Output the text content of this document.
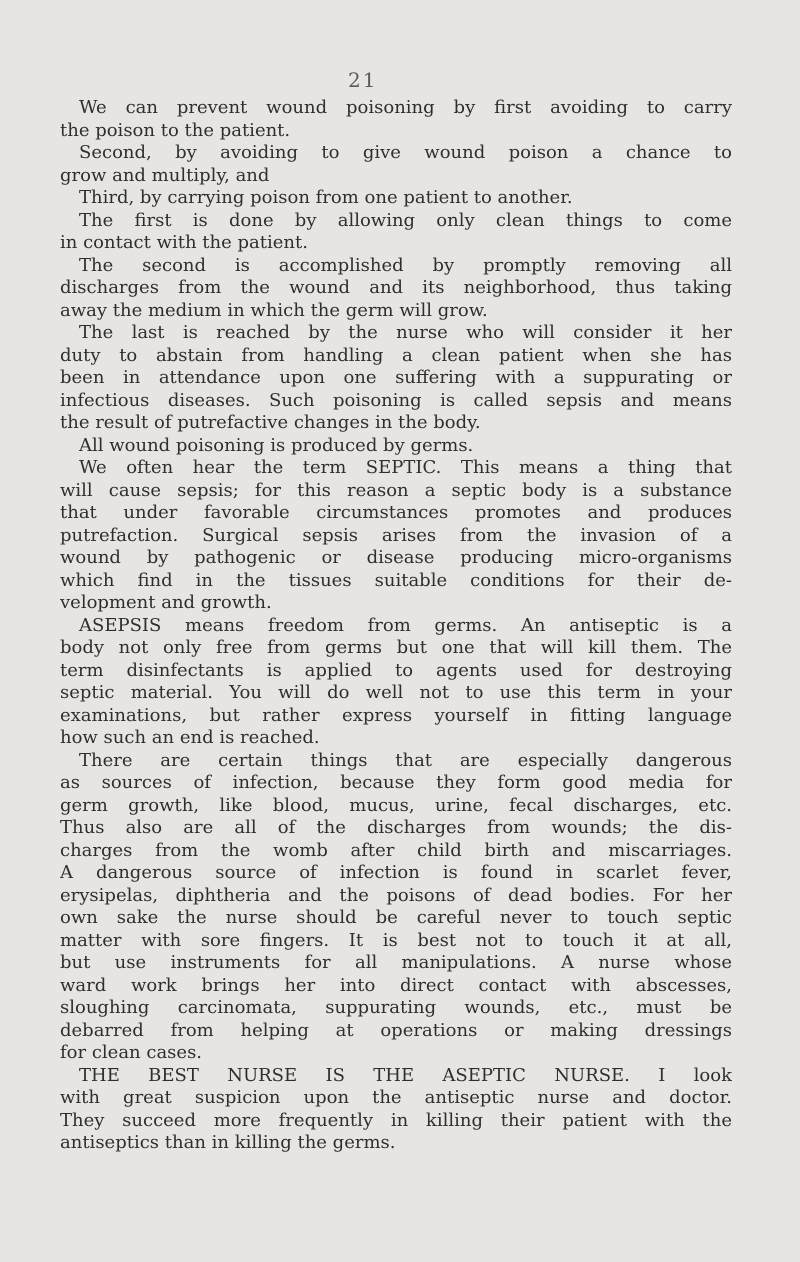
21
We can prevent wound poisoning by first avoiding to carry
the poison to the patient.
Second, by avoiding to give wound poison a chance to
grow and multiply, and
Third, by carrying poison from one patient to another.
The first is done by allowing only clean things to come
in contact with the patient.
The second is accomplished by promptly removing all
discharges from the wound and its neighborhood, thus taking
away the medium in which the germ will grow.
The last is reached by the nurse who will consider it her
duty to abstain from handling a clean patient when she has
been in attendance upon one suffering with a suppurating or
infectious diseases. Such poisoning is called sepsis and means
the result of putrefactive changes in the body.
All wound poisoning is produced by germs.
We often hear the term SEPTIC. This means a thing that
will cause sepsis; for this reason a septic body is a substance
that under favorable circumstances promotes and produces
putrefaction. Surgical sepsis arises from the invasion of a
wound by pathogenic or disease producing micro-organisms
which find in the tissues suitable conditions for their de-
velopment and growth.
ASEPSIS means freedom from germs. An antiseptic is a
body not only free from germs but one that will kill them. The
term disinfectants is applied to agents used for destroying
septic material. You will do well not to use this term in your
examinations, but rather express yourself in fitting language
how such an end is reached.
There are certain things that are especially dangerous
as sources of infection, because they form good media for
germ growth, like blood, mucus, urine, fecal discharges, etc.
Thus also are all of the discharges from wounds; the dis-
charges from the womb after child birth and miscarriages.
A dangerous source of infection is found in scarlet fever,
erysipelas, diphtheria and the poisons of dead bodies. For her
own sake the nurse should be careful never to touch septic
matter with sore fingers. It is best not to touch it at all,
but use instruments for all manipulations. A nurse whose
ward work brings her into direct contact with abscesses,
sloughing carcinomata, suppurating wounds, etc., must be
debarred from helping at operations or making dressings
for clean cases.
THE BEST NURSE IS THE ASEPTIC NURSE. I look
with great suspicion upon the antiseptic nurse and doctor.
They succeed more frequently in killing their patient with the
antiseptics than in killing the germs.
